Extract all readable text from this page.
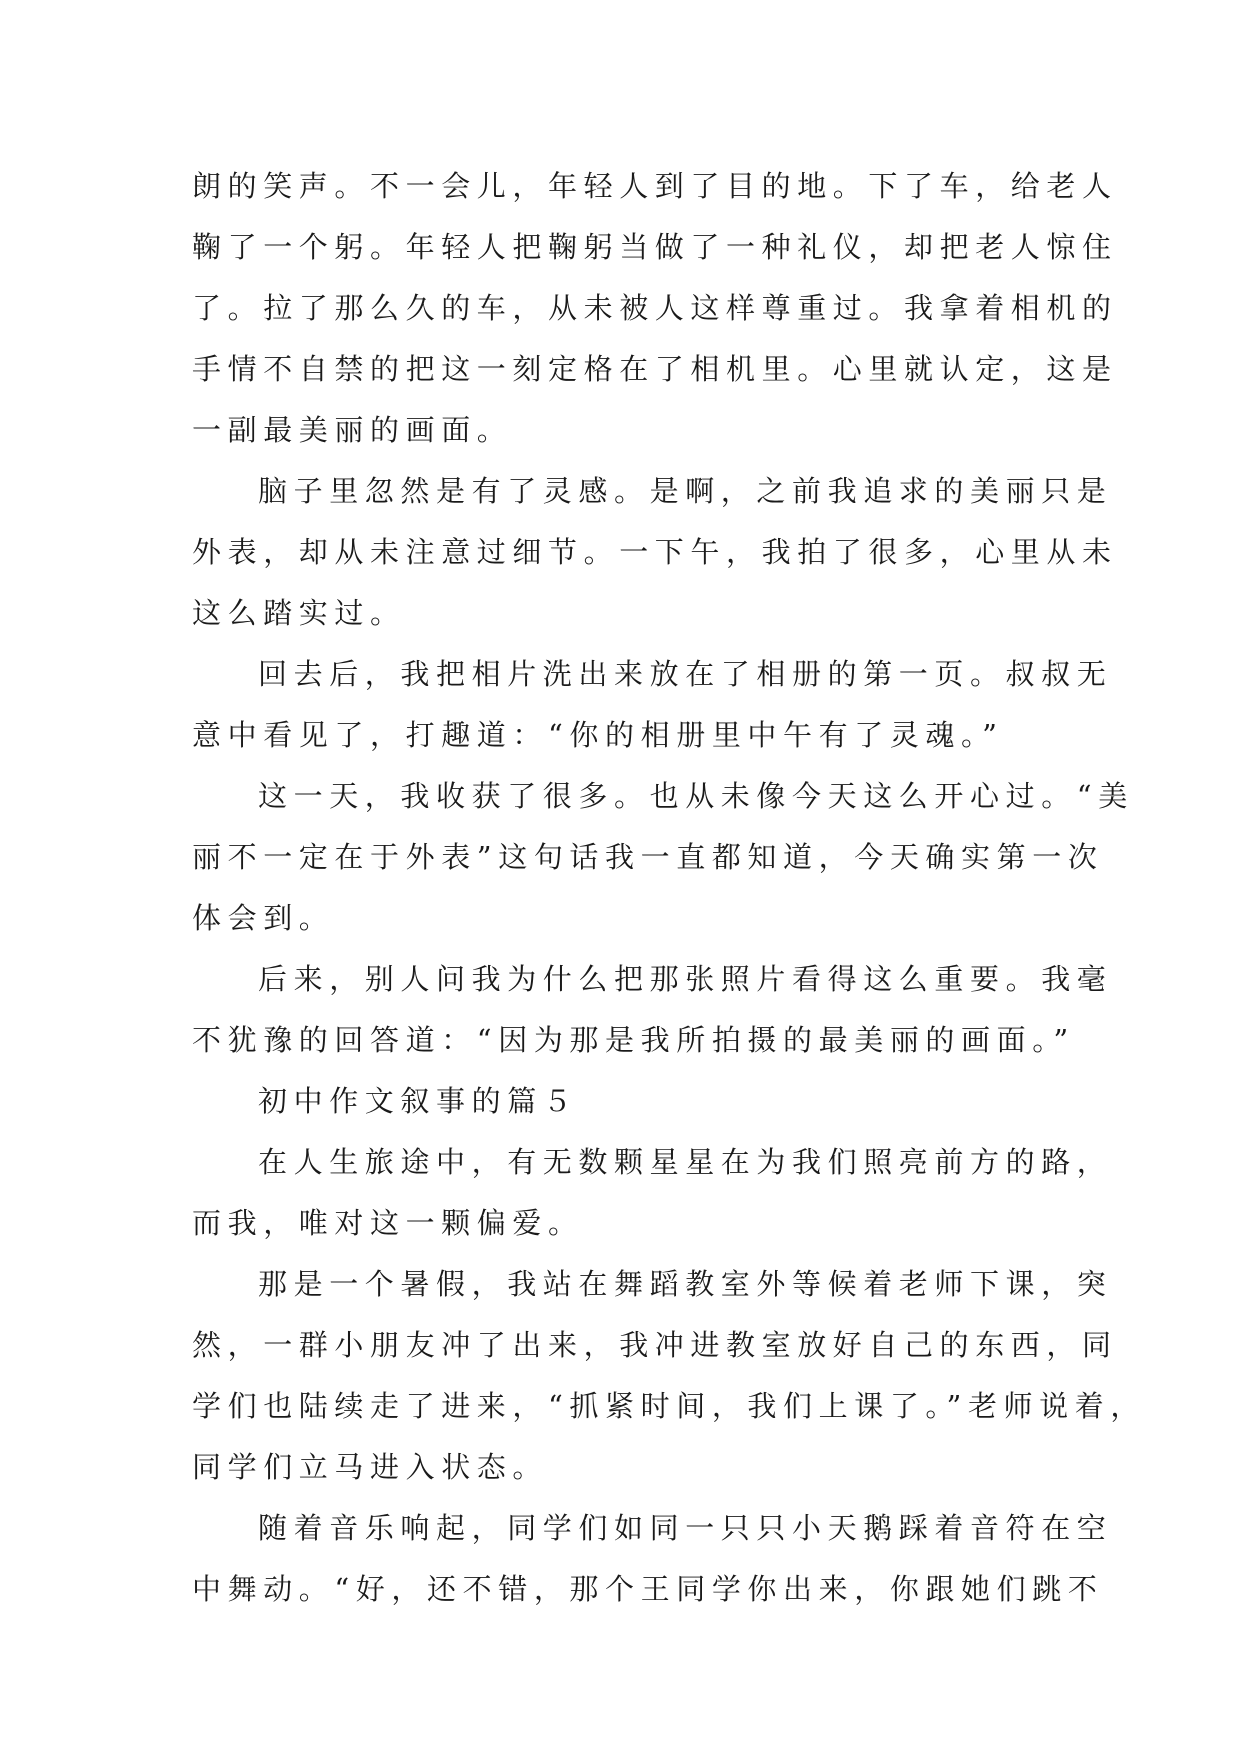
朗的笑声。不一会儿，年轻人到了目的地。下了车，给老人
鞠了一个躬。年轻人把鞠躬当做了一种礼仪，却把老人惊住
了。拉了那么久的车，从未被人这样尊重过。我拿着相机的
手情不自禁的把这一刻定格在了相机里。心里就认定，这是
一副最美丽的画面。
脑子里忽然是有了灵感。是啊，之前我追求的美丽只是
外表，却从未注意过细节。一下午，我拍了很多，心里从未
这么踏实过。
回去后，我把相片洗出来放在了相册的第一页。叔叔无
意中看见了，打趣道：“你的相册里中午有了灵魂。”
这一天，我收获了很多。也从未像今天这么开心过。“美
丽不一定在于外表”这句话我一直都知道，今天确实第一次
体会到。
后来，别人问我为什么把那张照片看得这么重要。我毫
不犹豫的回答道：“因为那是我所拍摄的最美丽的画面。”
初中作文叙事的篇５
在人生旅途中，有无数颗星星在为我们照亮前方的路，
而我，唯对这一颗偏爱。
那是一个暑假，我站在舞蹈教室外等候着老师下课，突
然，一群小朋友冲了出来，我冲进教室放好自己的东西，同
学们也陆续走了进来，“抓紧时间，我们上课了。”老师说着，
同学们立马进入状态。
随着音乐响起，同学们如同一只只小天鹅踩着音符在空
中舞动。“好，还不错，那个王同学你出来，你跟她们跳不
